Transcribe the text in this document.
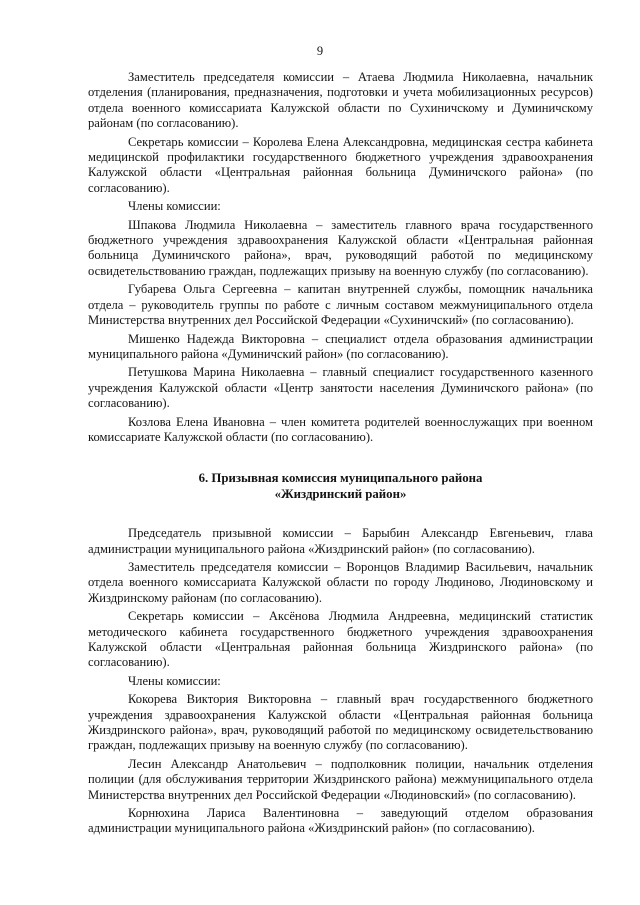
9

Заместитель председателя комиссии – Атаева Людмила Николаевна, начальник отделения (планирования, предназначения, подготовки и учета мобилизационных ресурсов) отдела военного комиссариата Калужской области по Сухиничскому и Думиничскому районам (по согласованию).

Секретарь комиссии – Королева Елена Александровна, медицинская сестра кабинета медицинской профилактики государственного бюджетного учреждения здравоохранения Калужской области «Центральная районная больница Думиничского района» (по согласованию).

Члены комиссии:

Шпакова Людмила Николаевна – заместитель главного врача государственного бюджетного учреждения здравоохранения Калужской области «Центральная районная больница Думиничского района», врач, руководящий работой по медицинскому освидетельствованию граждан, подлежащих призыву на военную службу (по согласованию).

Губарева Ольга Сергеевна – капитан внутренней службы, помощник начальника отдела – руководитель группы по работе с личным составом межмуниципального отдела Министерства внутренних дел Российской Федерации «Сухиничский» (по согласованию).

Мишенко Надежда Викторовна – специалист отдела образования администрации муниципального района «Думиничский район» (по согласованию).

Петушкова Марина Николаевна – главный специалист государственного казенного учреждения Калужской области «Центр занятости населения Думиничского района» (по согласованию).

Козлова Елена Ивановна – член комитета родителей военнослужащих при военном комиссариате Калужской области (по согласованию).

6. Призывная комиссия муниципального района
«Жиздринский район»

Председатель призывной комиссии – Барыбин Александр Евгеньевич, глава администрации муниципального района «Жиздринский район» (по согласованию).

Заместитель председателя комиссии – Воронцов Владимир Васильевич, начальник отдела военного комиссариата Калужской области по городу Людиново, Людиновскому и Жиздринскому районам (по согласованию).

Секретарь комиссии – Аксёнова Людмила Андреевна, медицинский статистик методического кабинета государственного бюджетного учреждения здравоохранения Калужской области «Центральная районная больница Жиздринского района» (по согласованию).

Члены комиссии:

Кокорева Виктория Викторовна – главный врач государственного бюджетного учреждения здравоохранения Калужской области «Центральная районная больница Жиздринского района», врач, руководящий работой по медицинскому освидетельствованию граждан, подлежащих призыву на военную службу (по согласованию).

Лесин Александр Анатольевич – подполковник полиции, начальник отделения полиции (для обслуживания территории Жиздринского района) межмуниципального отдела Министерства внутренних дел Российской Федерации «Людиновский» (по согласованию).

Корнюхина Лариса Валентиновна – заведующий отделом образования администрации муниципального района «Жиздринский район» (по согласованию).
